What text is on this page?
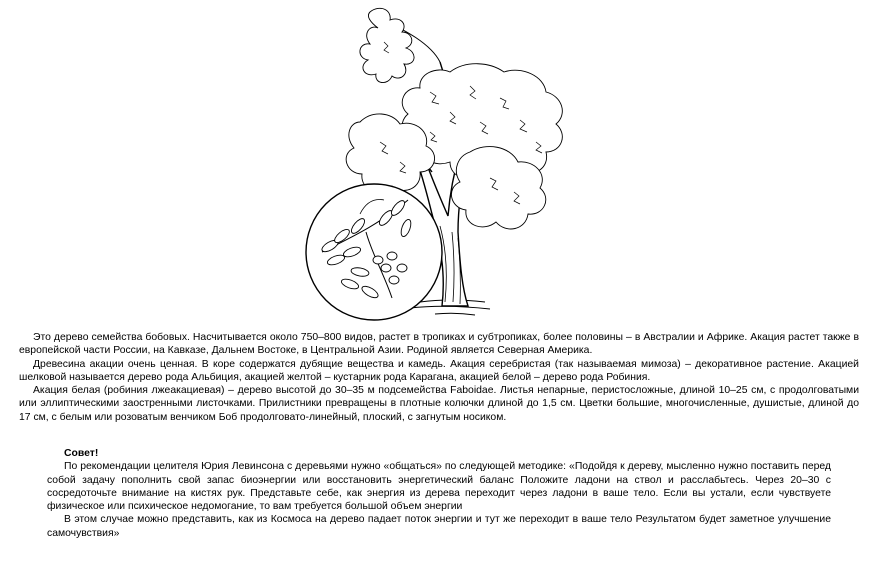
Это дерево семейства бобовых. Насчитывается около 750–800 видов, растет в тропиках и субтропиках, более половины – в Австралии и Африке. Акация растет также в европейской части России, на Кавказе, Дальнем Востоке, в Центральной Азии. Родиной является Северная Америка.

Древесина акации очень ценная. В коре содержатся дубящие вещества и камедь. Акация серебристая (так называемая мимоза) – декоративное растение. Акацией шелковой называется дерево рода Альбиция, акацией желтой – кустарник рода Карагана, акацией белой – дерево рода Робиния.

Акация белая (робиния лжеакациевая) – дерево высотой до 30–35 м подсемейства Faboidae. Листья непарные, перистосложные, длиной 10–25 см, с продолговатыми или эллиптическими заостренными листочками. Прилистники превращены в плотные колючки длиной до 1,5 см. Цветки большие, многочисленные, душистые, длиной до 17 см, с белым или розоватым венчиком Боб продолговато-линейный, плоский, с загнутым носиком.

Совет!

По рекомендации целителя Юрия Левинсона с деревьями нужно «общаться» по следующей методике: «Подойдя к дереву, мысленно нужно поставить перед собой задачу пополнить свой запас биоэнергии или восстановить энергетический баланс Положите ладони на ствол и расслабьтесь. Через 20–30 с сосредоточьте внимание на кистях рук. Представьте себе, как энергия из дерева переходит через ладони в ваше тело. Если вы устали, если чувствуете физическое или психическое недомогание, то вам требуется большой объем энергии

В этом случае можно представить, как из Космоса на дерево падает поток энергии и тут же переходит в ваше тело Результатом будет заметное улучшение самочувствия»
